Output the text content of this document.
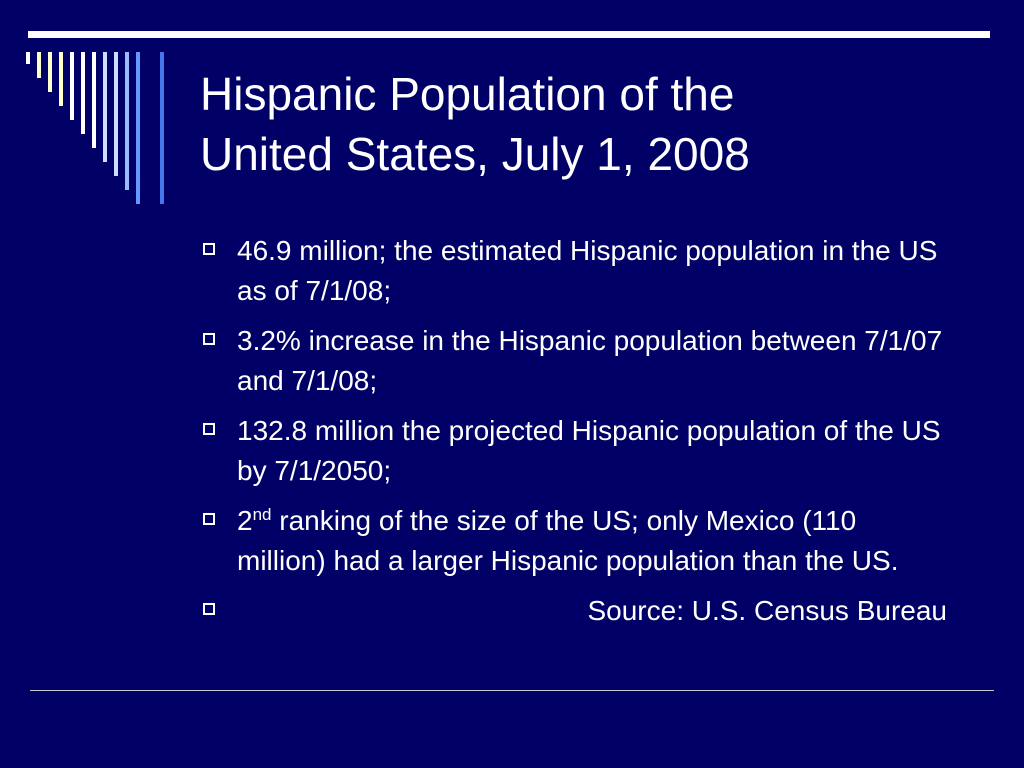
Hispanic Population of the
United States, July 1, 2008
46.9 million; the estimated Hispanic population in the US as of 7/1/08;
3.2% increase in the Hispanic population between 7/1/07 and 7/1/08;
132.8 million the projected Hispanic population of the US by 7/1/2050;
2nd ranking of the size of the US; only Mexico (110 million) had a larger Hispanic population than the US.
Source: U.S. Census Bureau
